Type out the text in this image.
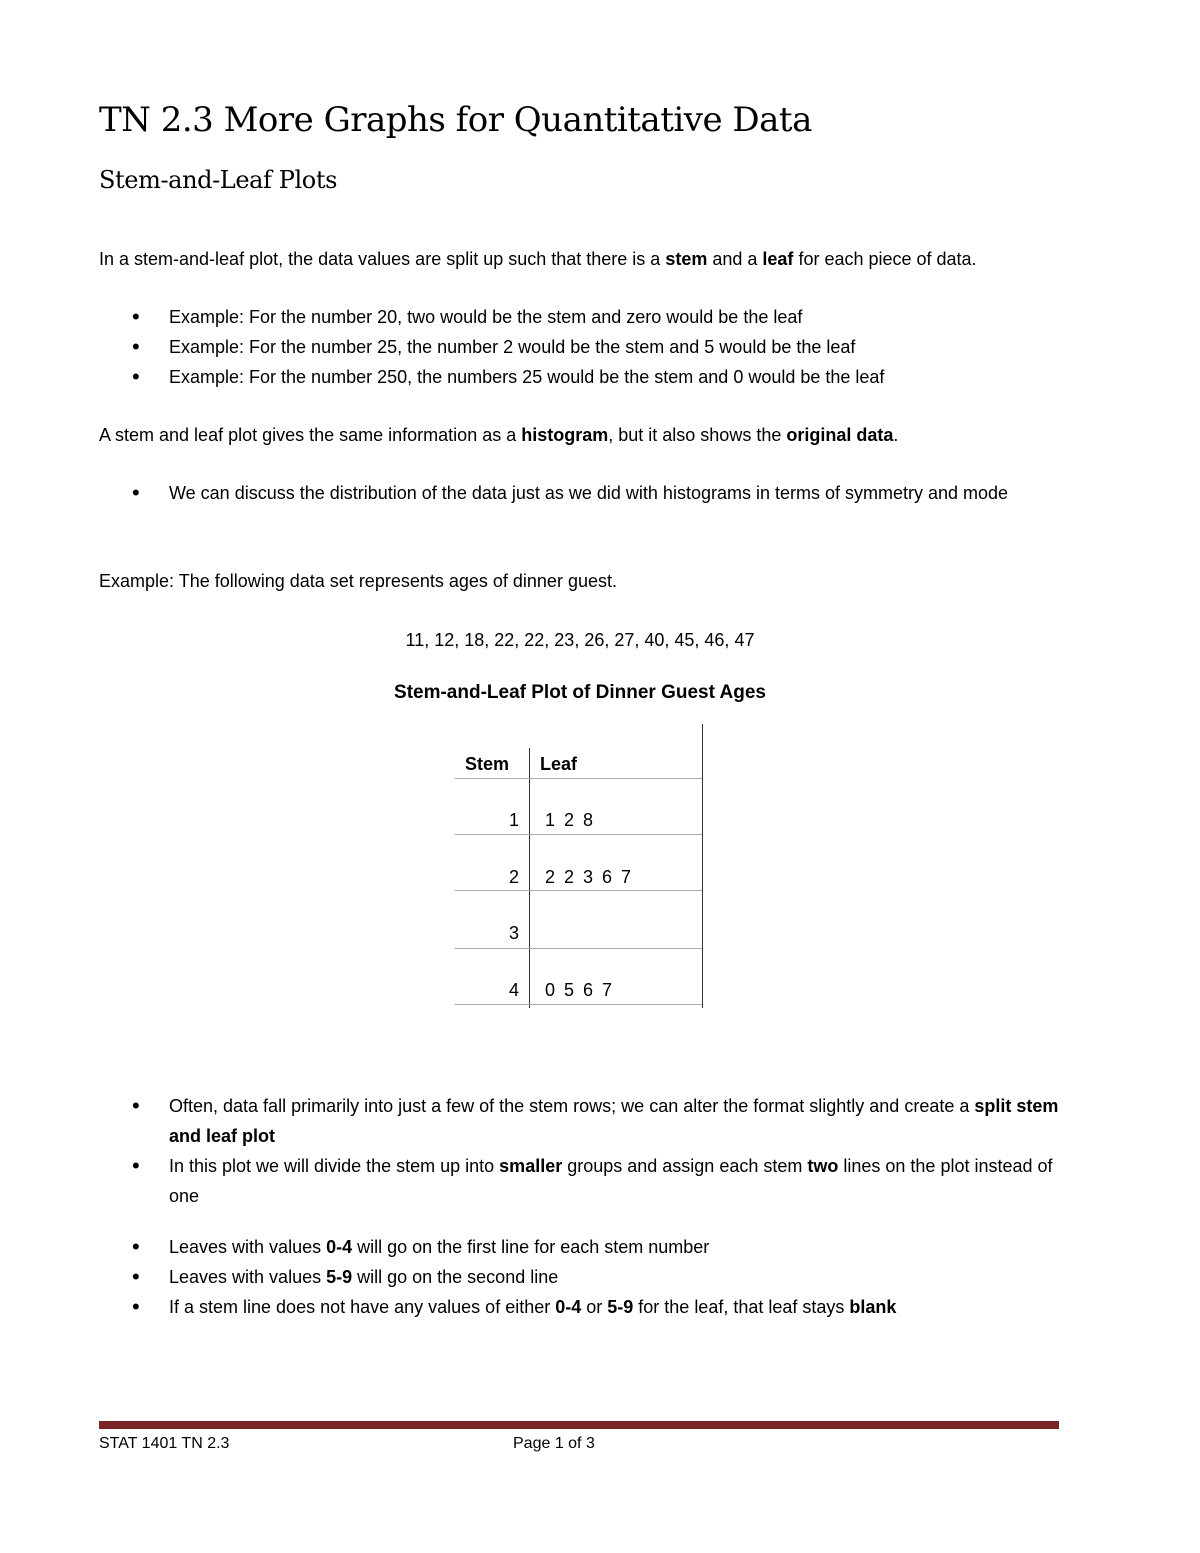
TN 2.3 More Graphs for Quantitative Data
Stem-and-Leaf Plots

In a stem-and-leaf plot, the data values are split up such that there is a stem and a leaf for each piece of data.

• Example: For the number 20, two would be the stem and zero would be the leaf
• Example: For the number 25, the number 2 would be the stem and 5 would be the leaf
• Example: For the number 250, the numbers 25 would be the stem and 0 would be the leaf

A stem and leaf plot gives the same information as a histogram, but it also shows the original data.

• We can discuss the distribution of the data just as we did with histograms in terms of symmetry and mode

Example: The following data set represents ages of dinner guest.

11, 12, 18, 22, 22, 23, 26, 27, 40, 45, 46, 47

Stem-and-Leaf Plot of Dinner Guest Ages

Stem Leaf
1 1 2 8
2 2 2 3 6 7
3
4 0 5 6 7
• Often, data fall primarily into just a few of the stem rows; we can alter the format slightly and create a split stem and leaf plot
• In this plot we will divide the stem up into smaller groups and assign each stem two lines on the plot instead of one
• Leaves with values 0-4 will go on the first line for each stem number
• Leaves with values 5-9 will go on the second line
• If a stem line does not have any values of either 0-4 or 5-9 for the leaf, that leaf stays blank

STAT 1401 TN 2.3	Page 1 of 3
